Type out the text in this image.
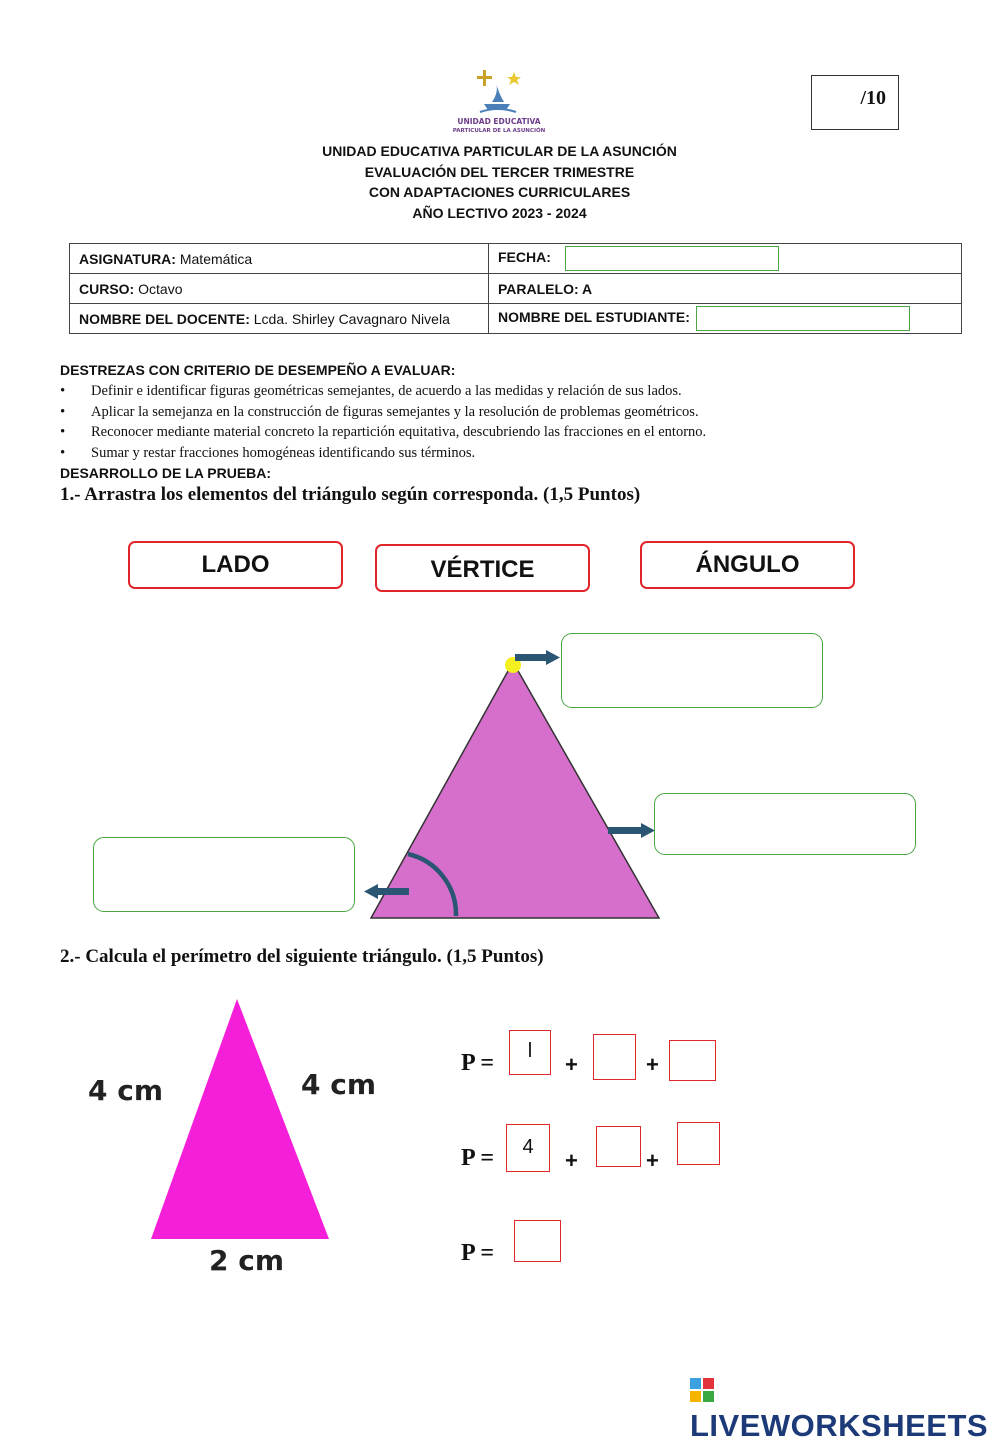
/10
UNIDAD EDUCATIVA
PARTICULAR DE LA ASUNCIÓN
UNIDAD EDUCATIVA PARTICULAR DE LA ASUNCIÓN
EVALUACIÓN DEL TERCER TRIMESTRE
CON ADAPTACIONES CURRICULARES
AÑO LECTIVO 2023 - 2024
ASIGNATURA: Matemática	FECHA:
CURSO: Octavo	PARALELO: A
NOMBRE DEL DOCENTE: Lcda. Shirley Cavagnaro Nivela	NOMBRE DEL ESTUDIANTE:
DESTREZAS CON CRITERIO DE DESEMPEÑO A EVALUAR:
• Definir e identificar figuras geométricas semejantes, de acuerdo a las medidas y relación de sus lados.
• Aplicar la semejanza en la construcción de figuras semejantes y la resolución de problemas geométricos.
• Reconocer mediante material concreto la repartición equitativa, descubriendo las fracciones en el entorno.
• Sumar y restar fracciones homogéneas identificando sus términos.
DESARROLLO DE LA PRUEBA:
1.- Arrastra los elementos del triángulo según corresponda. (1,5 Puntos)
LADO	VÉRTICE	ÁNGULO
2.- Calcula el perímetro del siguiente triángulo. (1,5 Puntos)
4 cm	4 cm
2 cm
P =	l
+	+
P =	4
+	+
P =
LIVEWORKSHEETS
